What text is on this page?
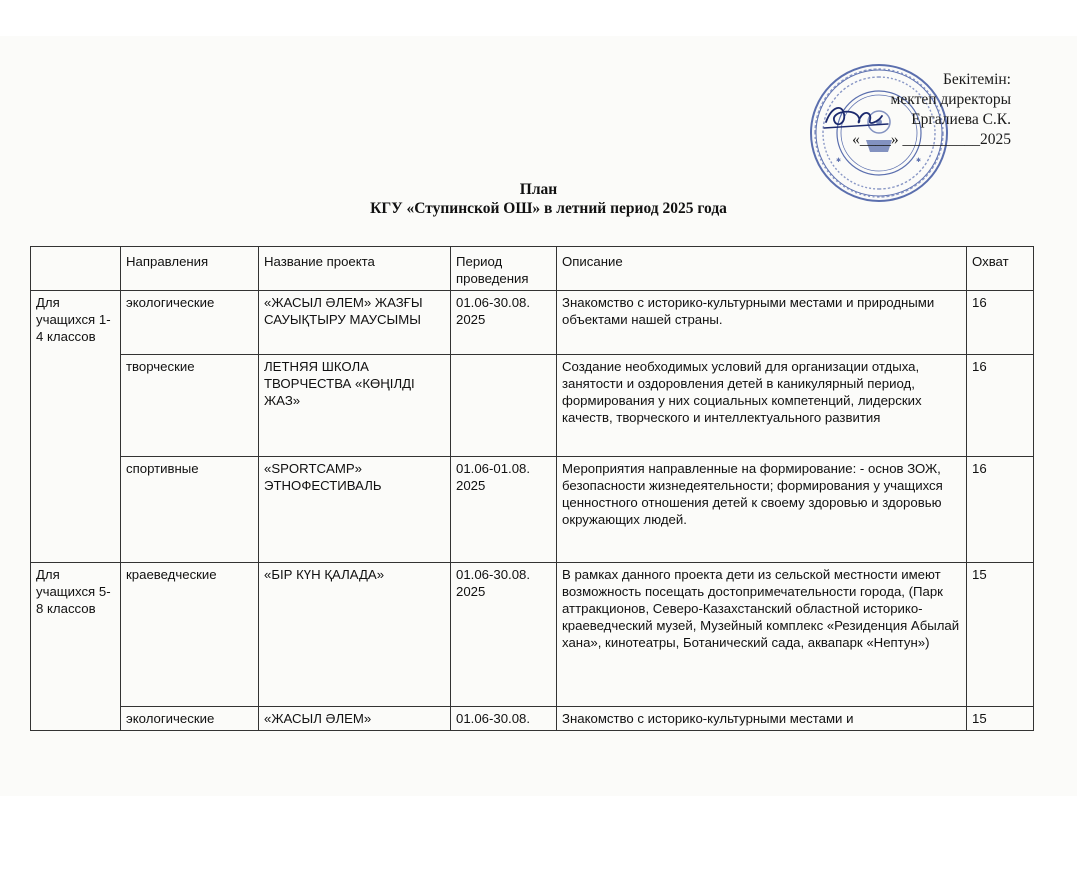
✱	✱
Бекітемін:
мектеп директоры
Ергалиева С.К.
«____» __________2025
План
КГУ «Ступинской ОШ» в летний период 2025 года
	Направления	Название проекта	Период проведения	Описание	Охват
Для учащихся 1-4 классов	экологические	«ЖАСЫЛ ӘЛЕМ» ЖАЗҒЫ САУЫҚТЫРУ МАУСЫМЫ	01.06-30.08. 2025	Знакомство с историко-культурными местами и природными объектами нашей страны.	16
	творческие	ЛЕТНЯЯ ШКОЛА ТВОРЧЕСТВА «КӨҢІЛДІ ЖАЗ»		Создание необходимых условий для организации отдыха, занятости и оздоровления детей в каникулярный период, формирования у них социальных компетенций, лидерских качеств, творческого и интеллектуального развития	16
	спортивные	«SPORTCAMP» ЭТНОФЕСТИВАЛЬ	01.06-01.08. 2025	Мероприятия направленные на формирование: - основ ЗОЖ, безопасности жизнедеятельности; формирования у учащихся ценностного отношения детей к своему здоровью и здоровью окружающих людей.	16
Для учащихся 5-8 классов	краеведческие	«БІР КҮН ҚАЛАДА»	01.06-30.08. 2025	В рамках данного проекта дети из сельской местности имеют возможность посещать достопримечательности города, (Парк аттракционов, Северо-Казахстанский областной историко-краеведческий музей, Музейный комплекс «Резиденция Абылай хана», кинотеатры, Ботанический сада, аквапарк «Нептун»)	15
	экологические	«ЖАСЫЛ ӘЛЕМ»	01.06-30.08.	Знакомство с историко-культурными местами и	15
